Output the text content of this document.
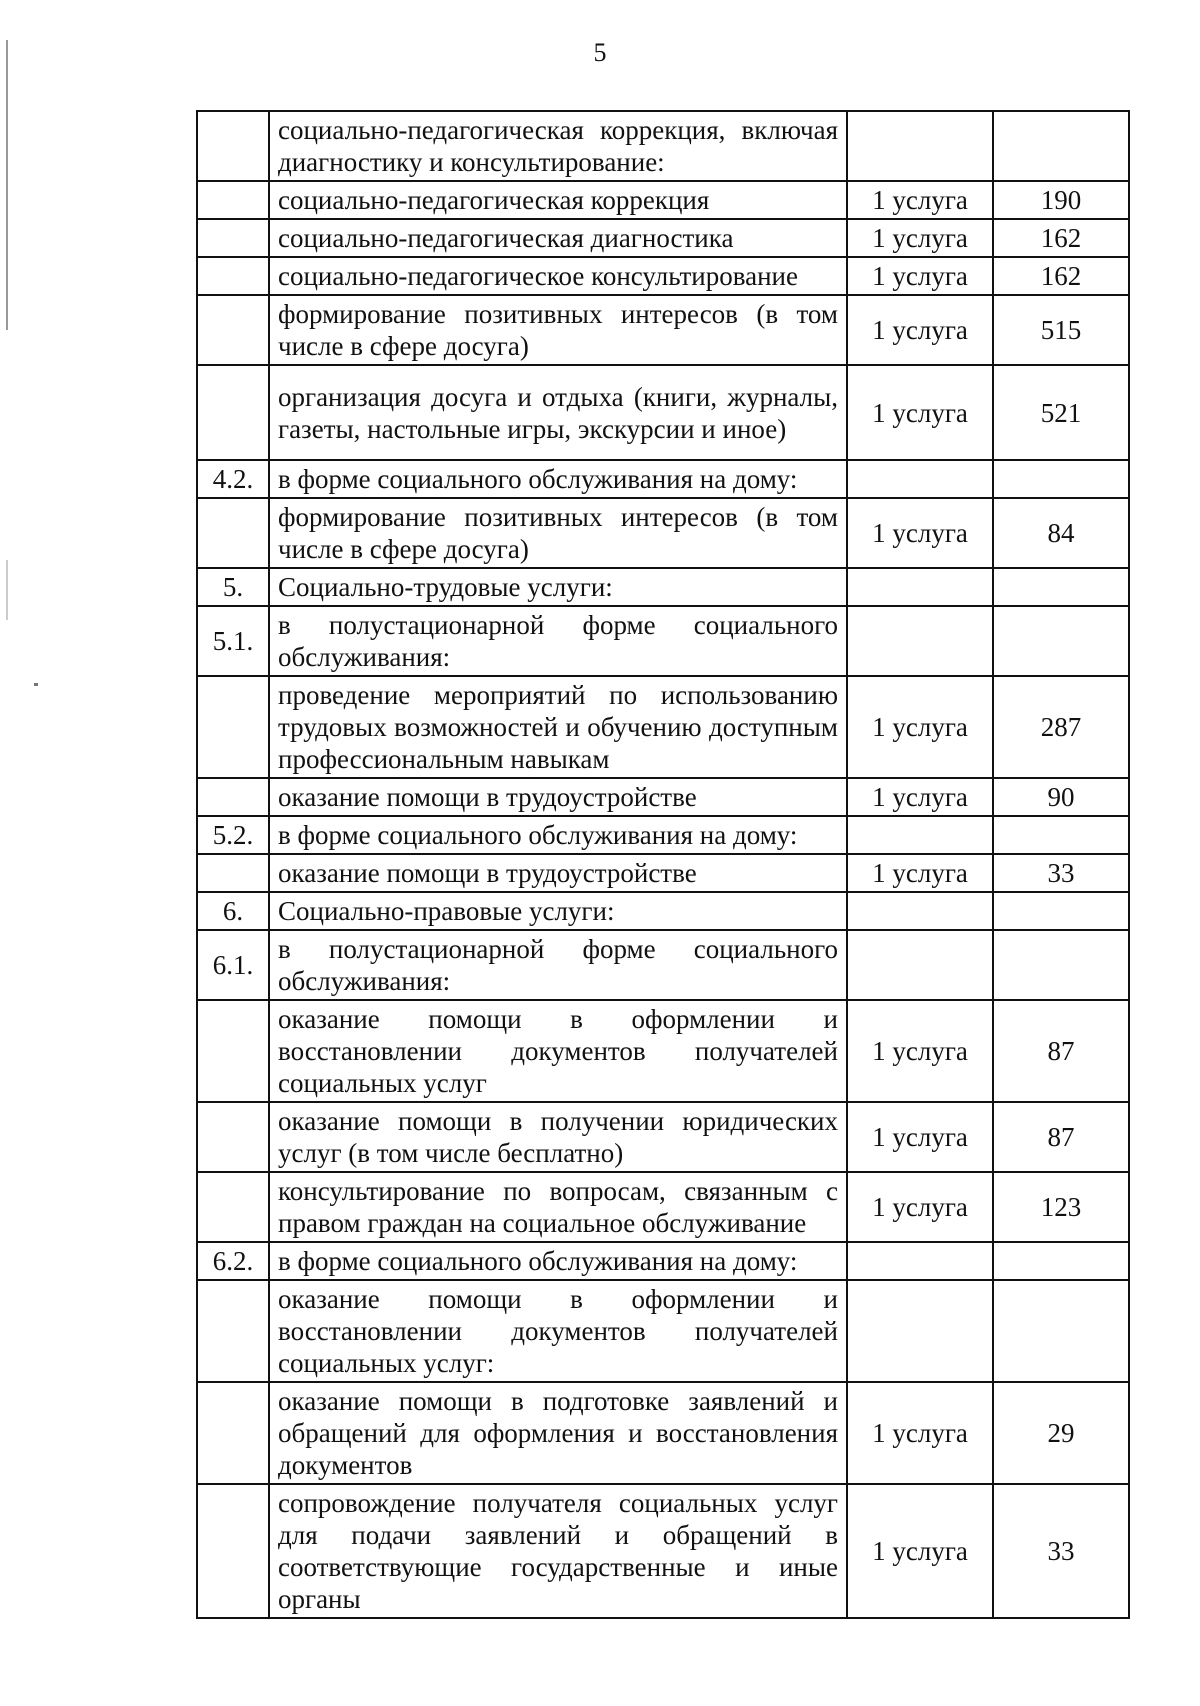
5
	социально-педагогическая коррекция, включая диагностику и консультирование:		
	социально-педагогическая коррекция	1 услуга	190
	социально-педагогическая диагностика	1 услуга	162
	социально-педагогическое консультирование	1 услуга	162
	формирование позитивных интересов (в том числе в сфере досуга)	1 услуга	515
	организация досуга и отдыха (книги, журналы, газеты, настольные игры, экскурсии и иное)	1 услуга	521
4.2.	в форме социального обслуживания на дому:		
	формирование позитивных интересов (в том числе в сфере досуга)	1 услуга	84
5.	Социально-трудовые услуги:		
5.1.	в полустационарной форме социального обслуживания:		
	проведение мероприятий по использованию трудовых возможностей и обучению доступным профессиональным навыкам	1 услуга	287
	оказание помощи в трудоустройстве	1 услуга	90
5.2.	в форме социального обслуживания на дому:		
	оказание помощи в трудоустройстве	1 услуга	33
6.	Социально-правовые услуги:		
6.1.	в полустационарной форме социального обслуживания:		
	оказание помощи в оформлении и восстановлении документов получателей социальных услуг	1 услуга	87
	оказание помощи в получении юридических услуг (в том числе бесплатно)	1 услуга	87
	консультирование по вопросам, связанным с правом граждан на социальное обслуживание	1 услуга	123
6.2.	в форме социального обслуживания на дому:		
	оказание помощи в оформлении и восстановлении документов получателей социальных услуг:		
	оказание помощи в подготовке заявлений и обращений для оформления и восстановления документов	1 услуга	29
	сопровождение получателя социальных услуг для подачи заявлений и обращений в соответствующие государственные и иные органы	1 услуга	33
